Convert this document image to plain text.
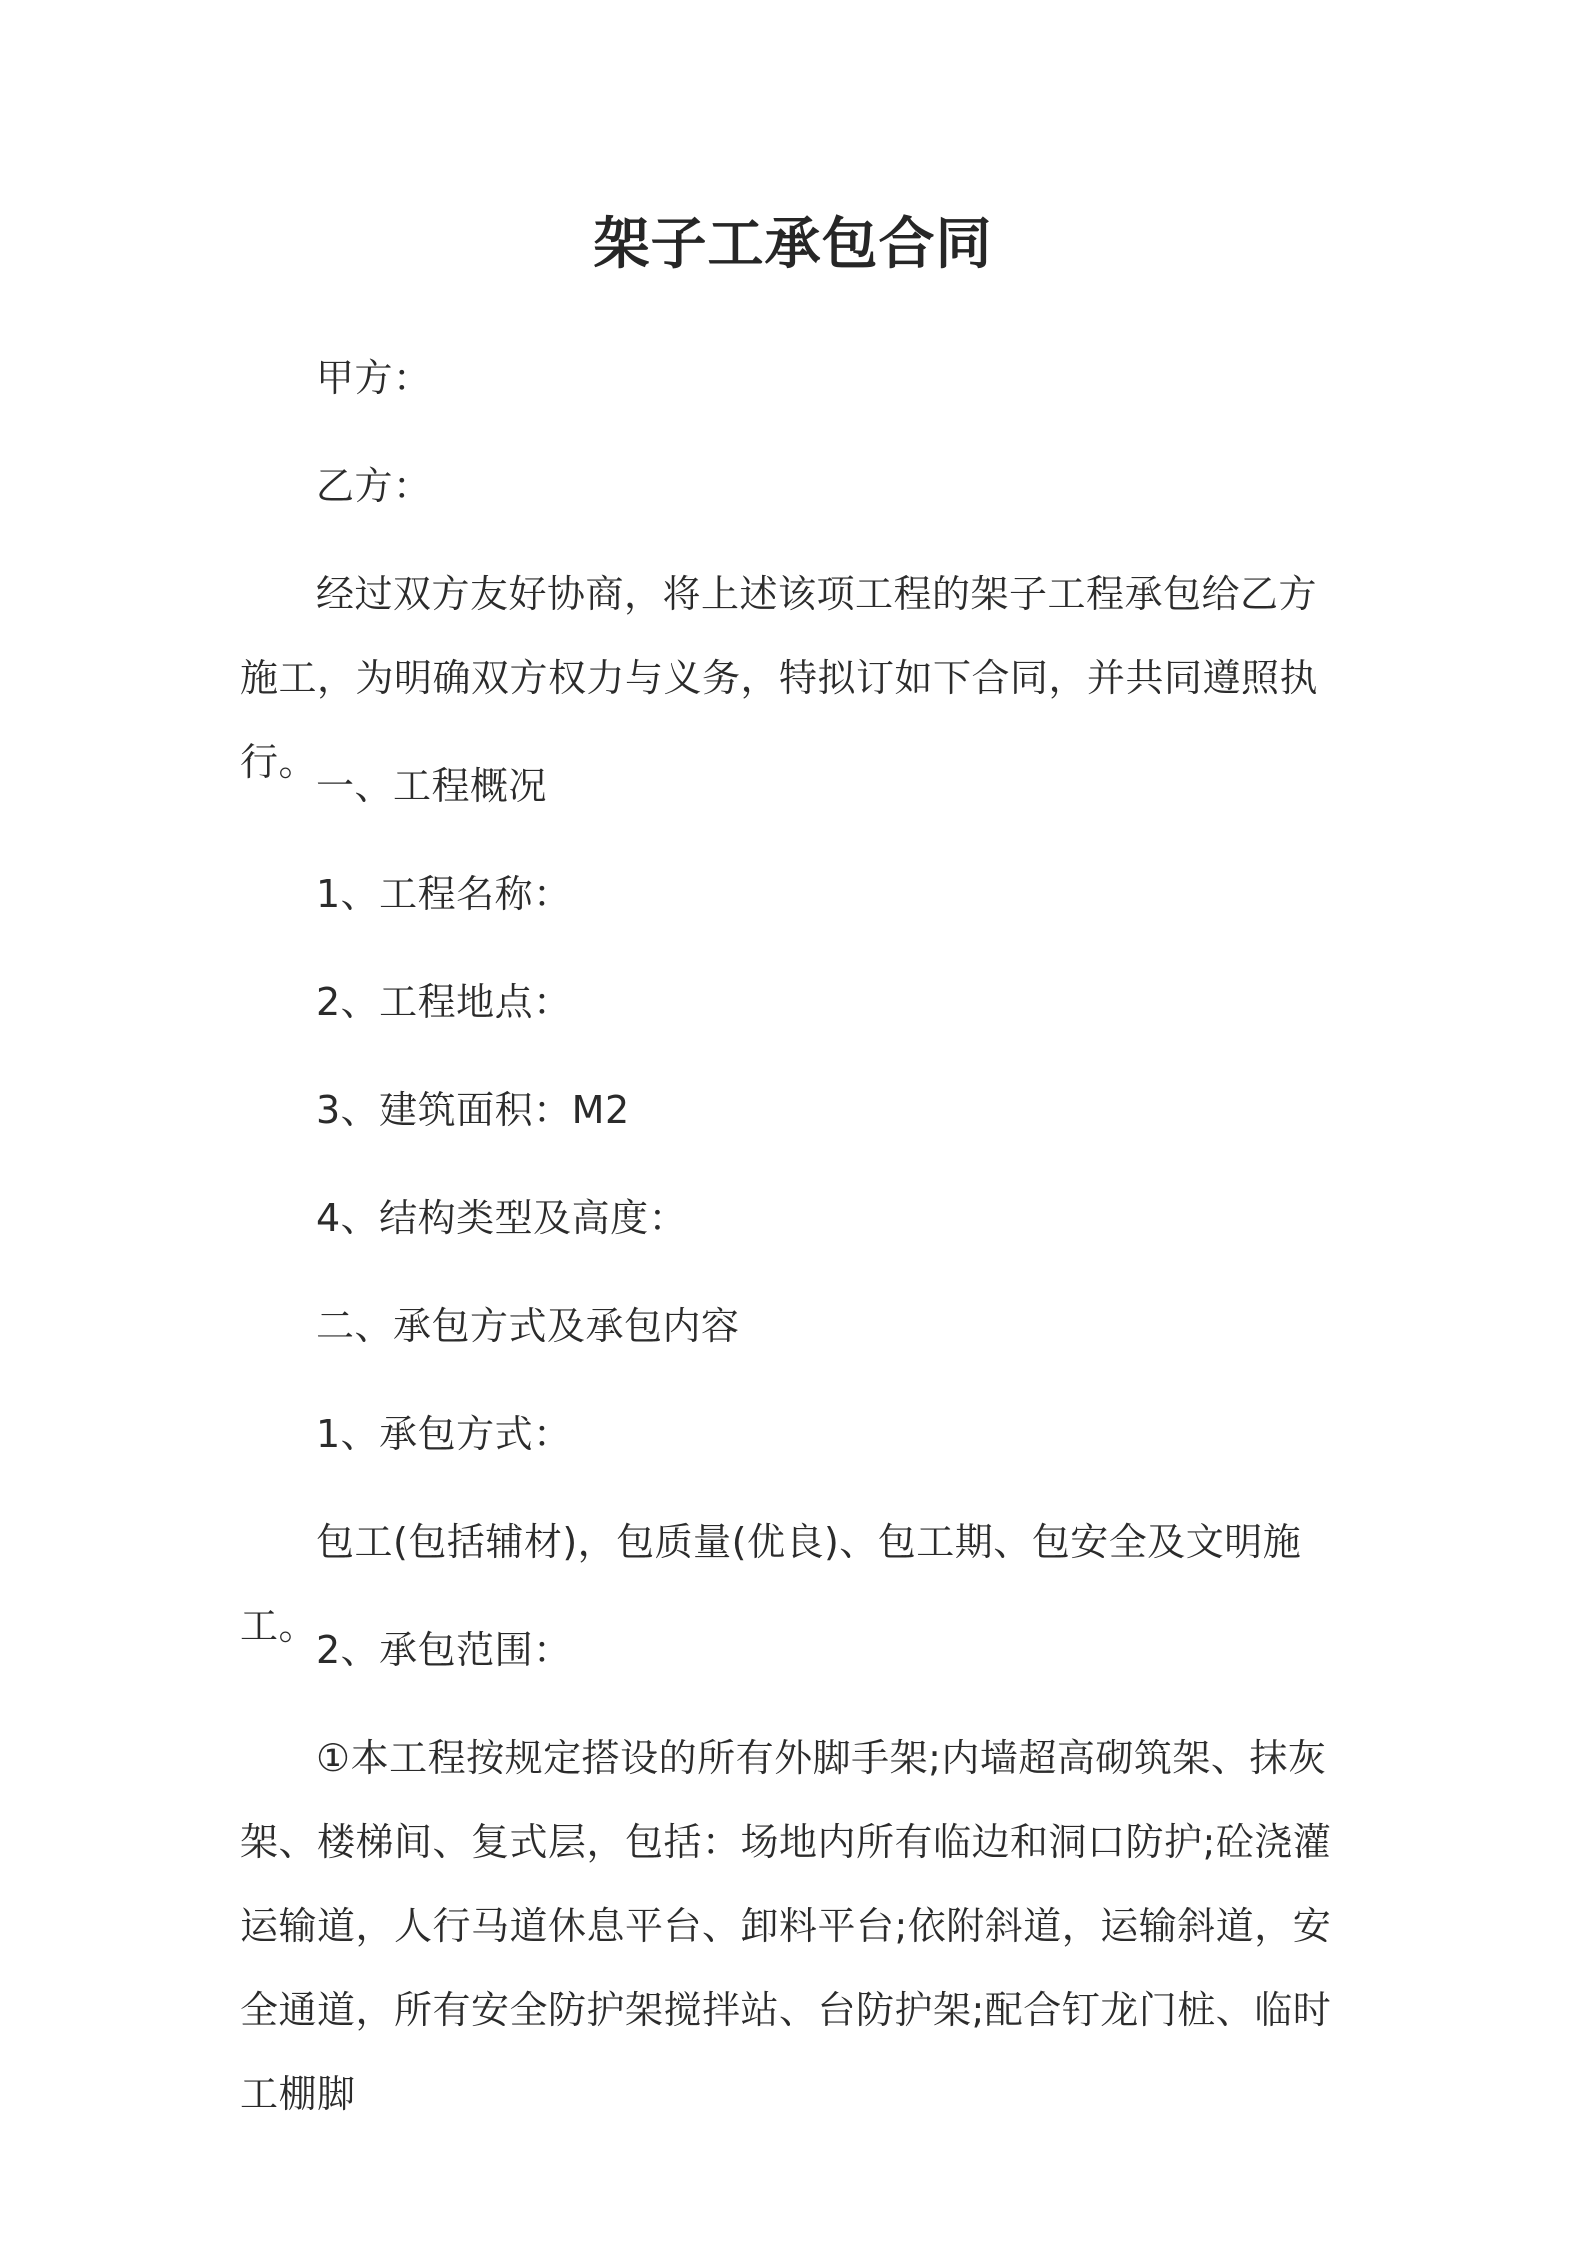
架子工承包合同
甲方：
乙方：
经过双方友好协商，将上述该项工程的架子工程承包给乙方施工，为明确双方权力与义务，特拟订如下合同，并共同遵照执行。
一、工程概况
1、工程名称：
2、工程地点：
3、建筑面积：M2
4、结构类型及高度：
二、承包方式及承包内容
1、承包方式：
包工(包括辅材)，包质量(优良)、包工期、包安全及文明施工。
2、承包范围：
①本工程按规定搭设的所有外脚手架;内墙超高砌筑架、抹灰架、楼梯间、复式层，包括：场地内所有临边和洞口防护;砼浇灌运输道，人行马道休息平台、卸料平台;依附斜道，运输斜道，安全通道，所有安全防护架搅拌站、台防护架;配合钉龙门桩、临时工棚脚
